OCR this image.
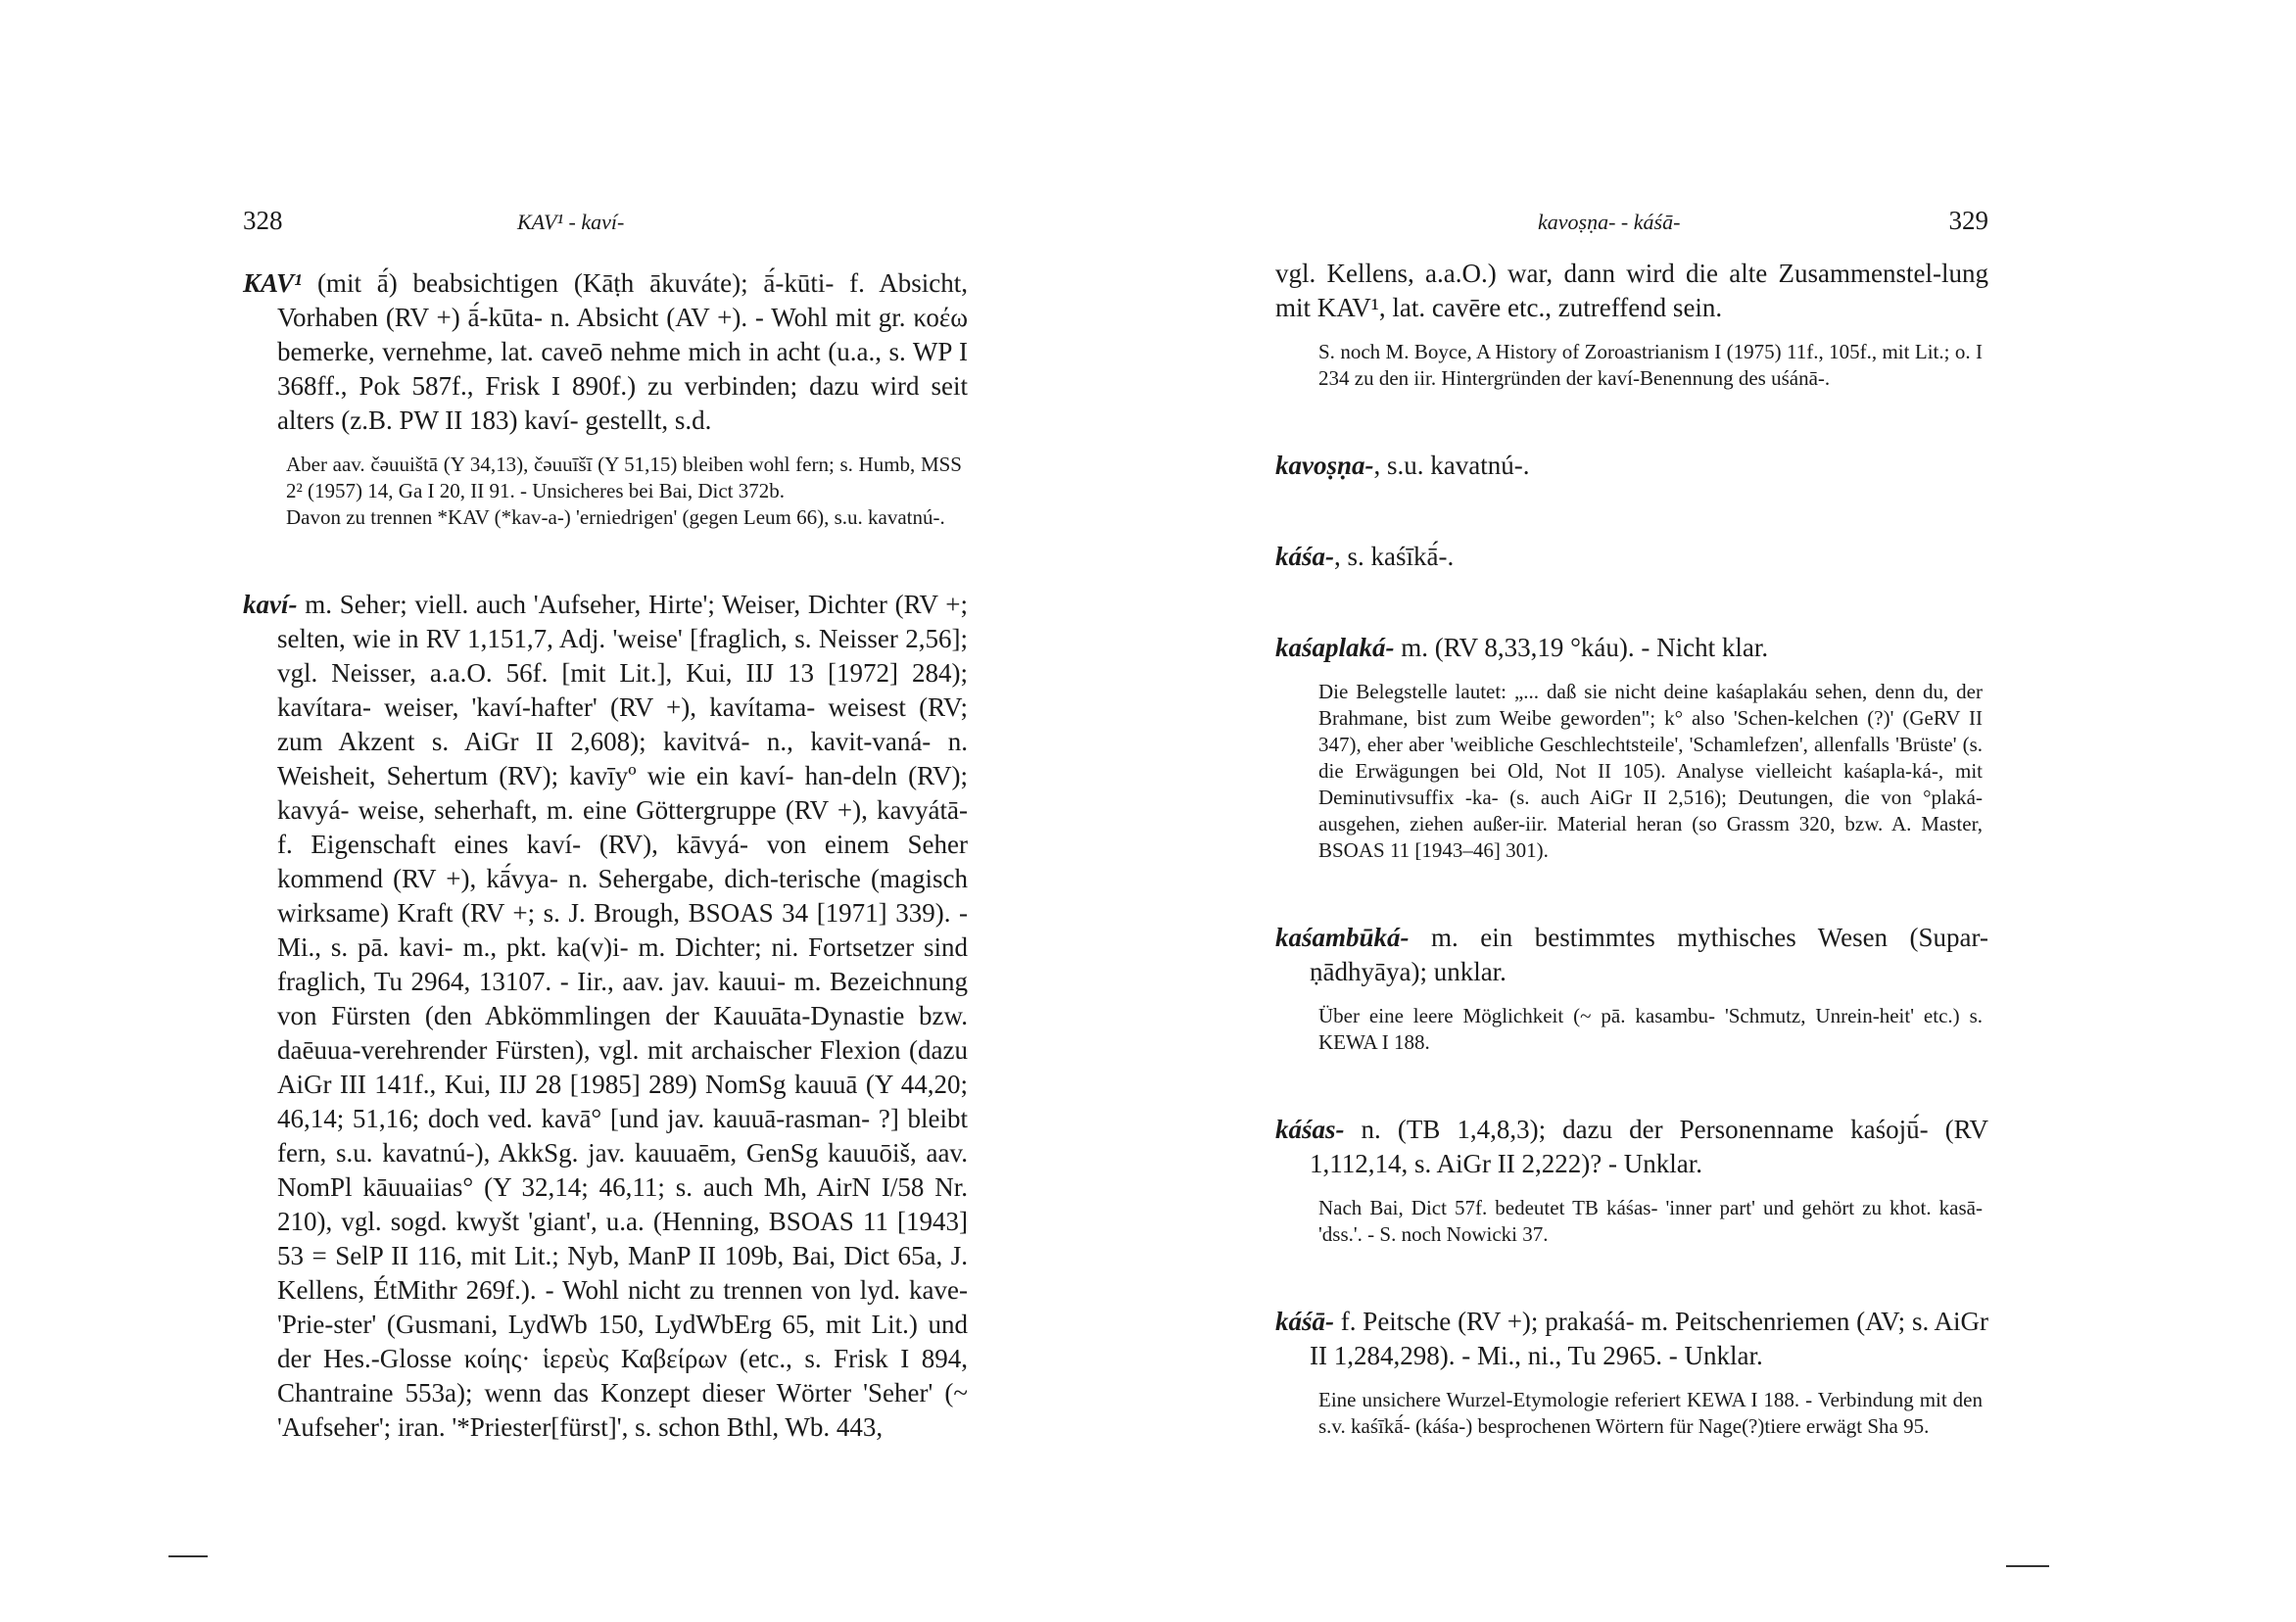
328	KAV¹ - kaví-

KAV¹ (mit ā́) beabsichtigen (Kāṭh ākuváte); ā́-kūti- f. Absicht, Vorhaben (RV +) ā́-kūta- n. Absicht (AV +). - Wohl mit gr. κοέω bemerke, vernehme, lat. caveō nehme mich in acht (u.a., s. WP I 368ff., Pok 587f., Frisk I 890f.) zu verbinden; dazu wird seit alters (z.B. PW II 183) kaví- gestellt, s.d.

Aber aav. čəuuištā (Y 34,13), čəuuīšī (Y 51,15) bleiben wohl fern; s. Humb, MSS 2² (1957) 14, Ga I 20, II 91. - Unsicheres bei Bai, Dict 372b.

Davon zu trennen *KAV (*kav-a-) 'erniedrigen' (gegen Leum 66), s.u. kavatnú-.

kaví- m. Seher; viell. auch 'Aufseher, Hirte'; Weiser, Dichter (RV +; selten, wie in RV 1,151,7, Adj. 'weise' [fraglich, s. Neisser 2,56]; vgl. Neisser, a.a.O. 56f. [mit Lit.], Kui, IIJ 13 [1972] 284); kavítara- weiser, 'kaví-hafter' (RV +), kavítama- weisest (RV; zum Akzent s. AiGr II 2,608); kavitvá- n., kavit-vaná- n. Weisheit, Sehertum (RV); kavīyº wie ein kaví- han-deln (RV); kavyá- weise, seherhaft, m. eine Göttergruppe (RV +), kavyátā- f. Eigenschaft eines kaví- (RV), kāvyá- von einem Seher kommend (RV +), kā́vya- n. Sehergabe, dich-terische (magisch wirksame) Kraft (RV +; s. J. Brough, BSOAS 34 [1971] 339). - Mi., s. pā. kavi- m., pkt. ka(v)i- m. Dichter; ni. Fortsetzer sind fraglich, Tu 2964, 13107. - Iir., aav. jav. kauui- m. Bezeichnung von Fürsten (den Abkömmlingen der Kauuāta-Dynastie bzw. daēuua-verehrender Fürsten), vgl. mit archaischer Flexion (dazu AiGr III 141f., Kui, IIJ 28 [1985] 289) NomSg kauuā (Y 44,20; 46,14; 51,16; doch ved. kavā° [und jav. kauuā-rasman- ?] bleibt fern, s.u. kavatnú-), AkkSg. jav. kauuaēm, GenSg kauuōiš, aav. NomPl kāuuaiias° (Y 32,14; 46,11; s. auch Mh, AirN I/58 Nr. 210), vgl. sogd. kwyšt 'giant', u.a. (Henning, BSOAS 11 [1943] 53 = SelP II 116, mit Lit.; Nyb, ManP II 109b, Bai, Dict 65a, J. Kellens, ÉtMithr 269f.). - Wohl nicht zu trennen von lyd. kave- 'Prie-ster' (Gusmani, LydWb 150, LydWbErg 65, mit Lit.) und der Hes.-Glosse κοίης· ἱερεὺς Καβείρων (etc., s. Frisk I 894, Chantraine 553a); wenn das Konzept dieser Wörter 'Seher' (~ 'Aufseher'; iran. '*Priester[fürst]', s. schon Bthl, Wb. 443,

kavoṣṇa- - káśā-	329

vgl. Kellens, a.a.O.) war, dann wird die alte Zusammenstel-lung mit KAV¹, lat. cavēre etc., zutreffend sein.

S. noch M. Boyce, A History of Zoroastrianism I (1975) 11f., 105f., mit Lit.; o. I 234 zu den iir. Hintergründen der kaví-Benennung des uśánā-.

kavoṣṇa-, s.u. kavatnú-.

káśa-, s. kaśīkā́-.

kaśaplaká- m. (RV 8,33,19 °káu). - Nicht klar.

Die Belegstelle lautet: „... daß sie nicht deine kaśaplakáu sehen, denn du, der Brahmane, bist zum Weibe geworden"; k° also 'Schen-kelchen (?)' (GeRV II 347), eher aber 'weibliche Geschlechtsteile', 'Schamlefzen', allenfalls 'Brüste' (s. die Erwägungen bei Old, Not II 105). Analyse vielleicht kaśapla-ká-, mit Deminutivsuffix -ka- (s. auch AiGr II 2,516); Deutungen, die von °plaká- ausgehen, ziehen außer-iir. Material heran (so Grassm 320, bzw. A. Master, BSOAS 11 [1943–46] 301).

kaśambūká- m. ein bestimmtes mythisches Wesen (Supar-ṇādhyāya); unklar.

Über eine leere Möglichkeit (~ pā. kasambu- 'Schmutz, Unrein-heit' etc.) s. KEWA I 188.

káśas- n. (TB 1,4,8,3); dazu der Personenname kaśojū́- (RV 1,112,14, s. AiGr II 2,222)? - Unklar.

Nach Bai, Dict 57f. bedeutet TB káśas- 'inner part' und gehört zu khot. kasā- 'dss.'. - S. noch Nowicki 37.

káśā- f. Peitsche (RV +); prakaśá- m. Peitschenriemen (AV; s. AiGr II 1,284,298). - Mi., ni., Tu 2965. - Unklar.

Eine unsichere Wurzel-Etymologie referiert KEWA I 188. - Verbindung mit den s.v. kaśīkā́- (káśa-) besprochenen Wörtern für Nage(?)tiere erwägt Sha 95.
